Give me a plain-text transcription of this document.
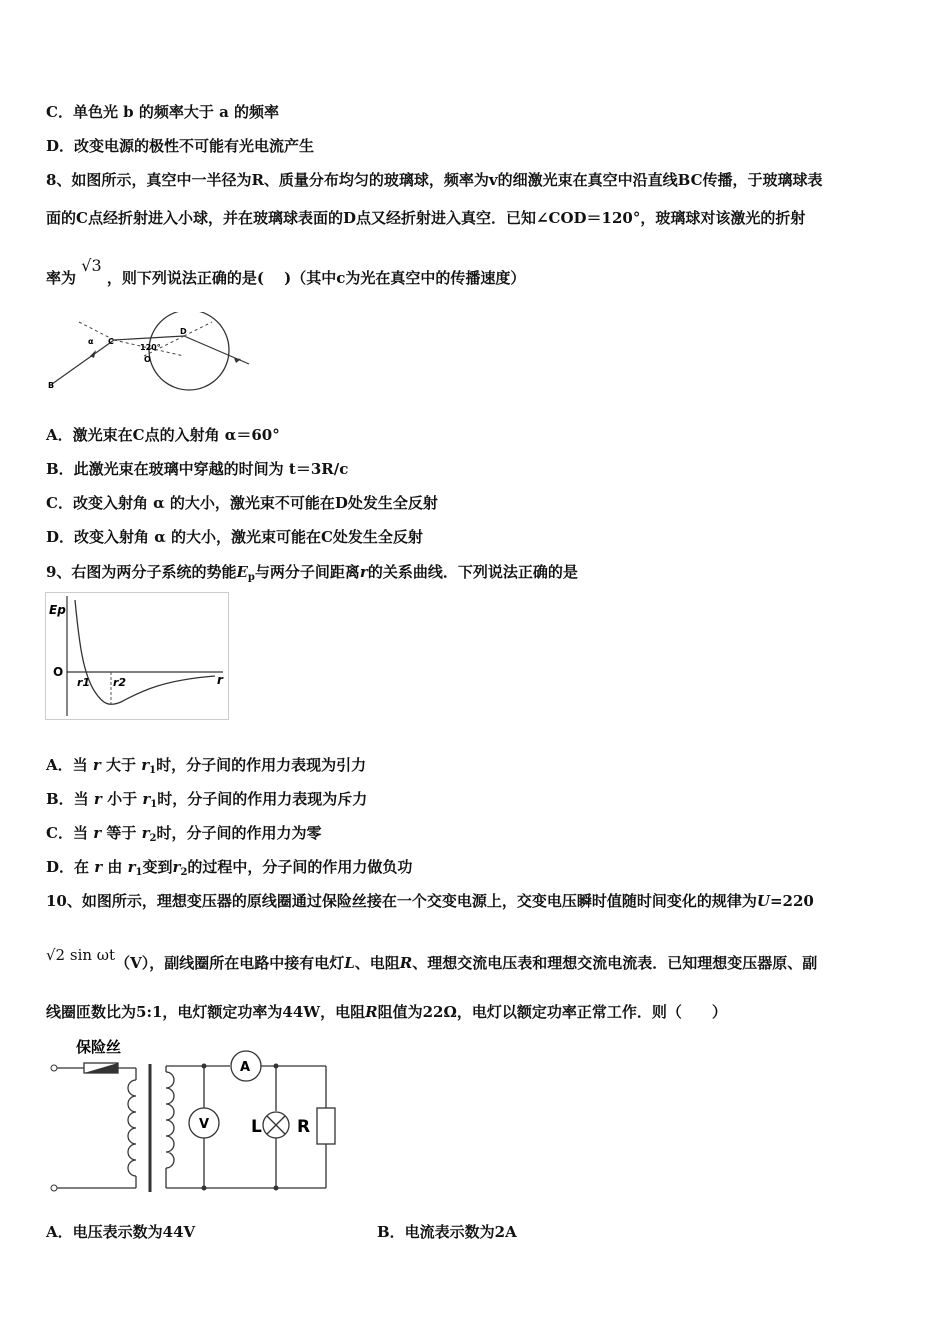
C．单色光 b 的频率大于 a 的频率
D．改变电源的极性不可能有光电流产生
8、如图所示，真空中一半径为R、质量分布均匀的玻璃球，频率为v的细激光束在真空中沿直线BC传播，于玻璃球表
面的C点经折射进入小球，并在玻璃球表面的D点又经折射进入真空．已知∠COD＝120°，玻璃球对该激光的折射
率为 √3 ，则下列说法正确的是(　 )（其中c为光在真空中的传播速度）
α C
D
120°
O
B
A．激光束在C点的入射角 α＝60°
B．此激光束在玻璃中穿越的时间为 t＝3R/c
C．改变入射角 α 的大小，激光束不可能在D处发生全反射
D．改变入射角 α 的大小，激光束可能在C处发生全反射
9、右图为两分子系统的势能$E_p$与两分子间距离r的关系曲线．下列说法正确的是
Ep
O
r1 r2	r
A．当 r 大于 $r_1$时，分子间的作用力表现为引力
B．当 r 小于 $r_1$时，分子间的作用力表现为斥力
C．当 r 等于 $r_2$时，分子间的作用力为零
D．在 r 由 $r_1$变到$r_2$的过程中，分子间的作用力做负功
10、如图所示，理想变压器的原线圈通过保险丝接在一个交变电源上，交变电压瞬时值随时间变化的规律为U=220
√2 sin ωt（V），副线圈所在电路中接有电灯L、电阻R、理想交流电压表和理想交流电流表．已知理想变压器原、副
线圈匝数比为5:1，电灯额定功率为44W，电阻R阻值为22Ω，电灯以额定功率正常工作．则（　　）
保险丝
A
V L R
A．电压表示数为44V	B．电流表示数为2A
